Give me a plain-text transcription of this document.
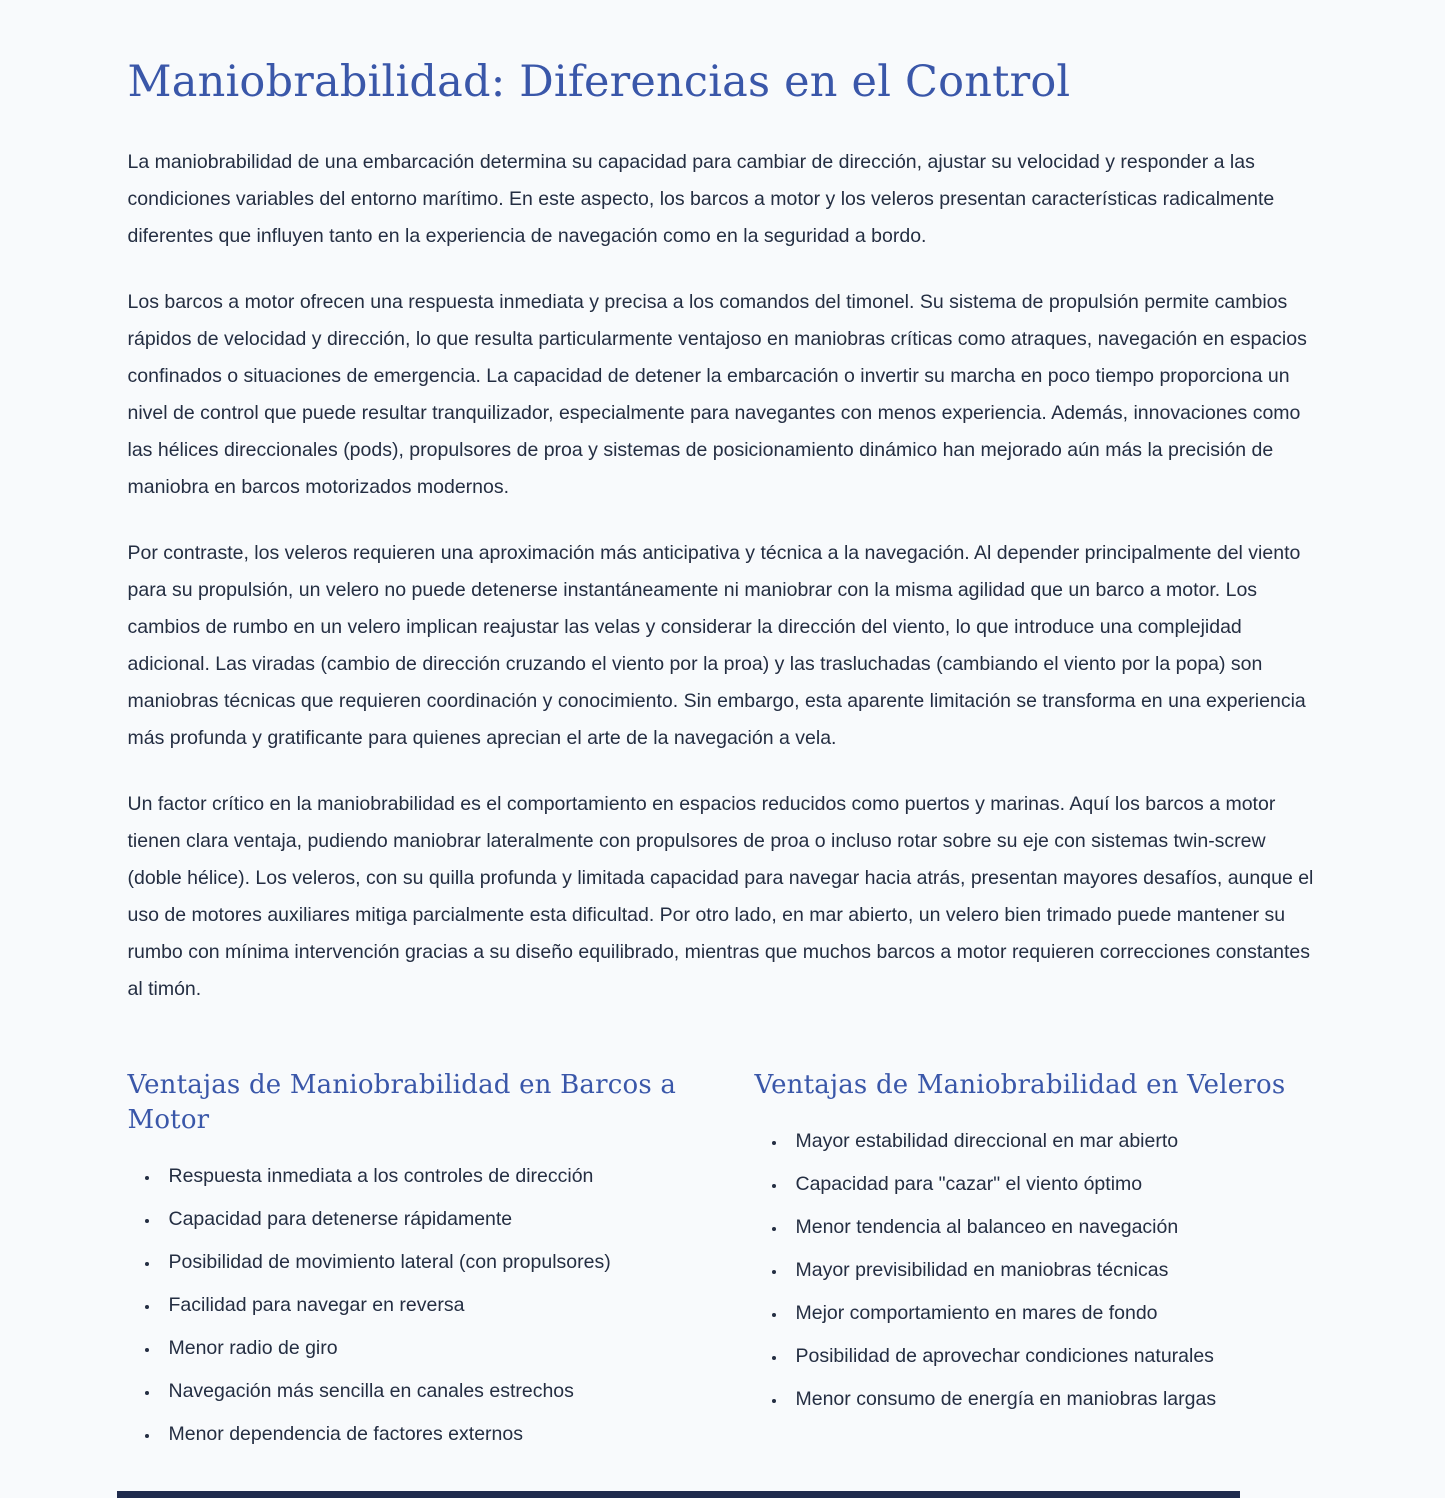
Maniobrabilidad: Diferencias en el Control

La maniobrabilidad de una embarcación determina su capacidad para cambiar de dirección, ajustar su velocidad y responder a las condiciones variables del entorno marítimo. En este aspecto, los barcos a motor y los veleros presentan características radicalmente diferentes que influyen tanto en la experiencia de navegación como en la seguridad a bordo.

Los barcos a motor ofrecen una respuesta inmediata y precisa a los comandos del timonel. Su sistema de propulsión permite cambios rápidos de velocidad y dirección, lo que resulta particularmente ventajoso en maniobras críticas como atraques, navegación en espacios confinados o situaciones de emergencia. La capacidad de detener la embarcación o invertir su marcha en poco tiempo proporciona un nivel de control que puede resultar tranquilizador, especialmente para navegantes con menos experiencia. Además, innovaciones como las hélices direccionales (pods), propulsores de proa y sistemas de posicionamiento dinámico han mejorado aún más la precisión de maniobra en barcos motorizados modernos.

Por contraste, los veleros requieren una aproximación más anticipativa y técnica a la navegación. Al depender principalmente del viento para su propulsión, un velero no puede detenerse instantáneamente ni maniobrar con la misma agilidad que un barco a motor. Los cambios de rumbo en un velero implican reajustar las velas y considerar la dirección del viento, lo que introduce una complejidad adicional. Las viradas (cambio de dirección cruzando el viento por la proa) y las trasluchadas (cambiando el viento por la popa) son maniobras técnicas que requieren coordinación y conocimiento. Sin embargo, esta aparente limitación se transforma en una experiencia más profunda y gratificante para quienes aprecian el arte de la navegación a vela.

Un factor crítico en la maniobrabilidad es el comportamiento en espacios reducidos como puertos y marinas. Aquí los barcos a motor tienen clara ventaja, pudiendo maniobrar lateralmente con propulsores de proa o incluso rotar sobre su eje con sistemas twin-screw (doble hélice). Los veleros, con su quilla profunda y limitada capacidad para navegar hacia atrás, presentan mayores desafíos, aunque el uso de motores auxiliares mitiga parcialmente esta dificultad. Por otro lado, en mar abierto, un velero bien trimado puede mantener su rumbo con mínima intervención gracias a su diseño equilibrado, mientras que muchos barcos a motor requieren correcciones constantes al timón.

Ventajas de Maniobrabilidad en Barcos a Motor
• Respuesta inmediata a los controles de dirección
• Capacidad para detenerse rápidamente
• Posibilidad de movimiento lateral (con propulsores)
• Facilidad para navegar en reversa
• Menor radio de giro
• Navegación más sencilla en canales estrechos
• Menor dependencia de factores externos
Ventajas de Maniobrabilidad en Veleros
• Mayor estabilidad direccional en mar abierto
• Capacidad para "cazar" el viento óptimo
• Menor tendencia al balanceo en navegación
• Mayor previsibilidad en maniobras técnicas
• Mejor comportamiento en mares de fondo
• Posibilidad de aprovechar condiciones naturales
• Menor consumo de energía en maniobras largas
